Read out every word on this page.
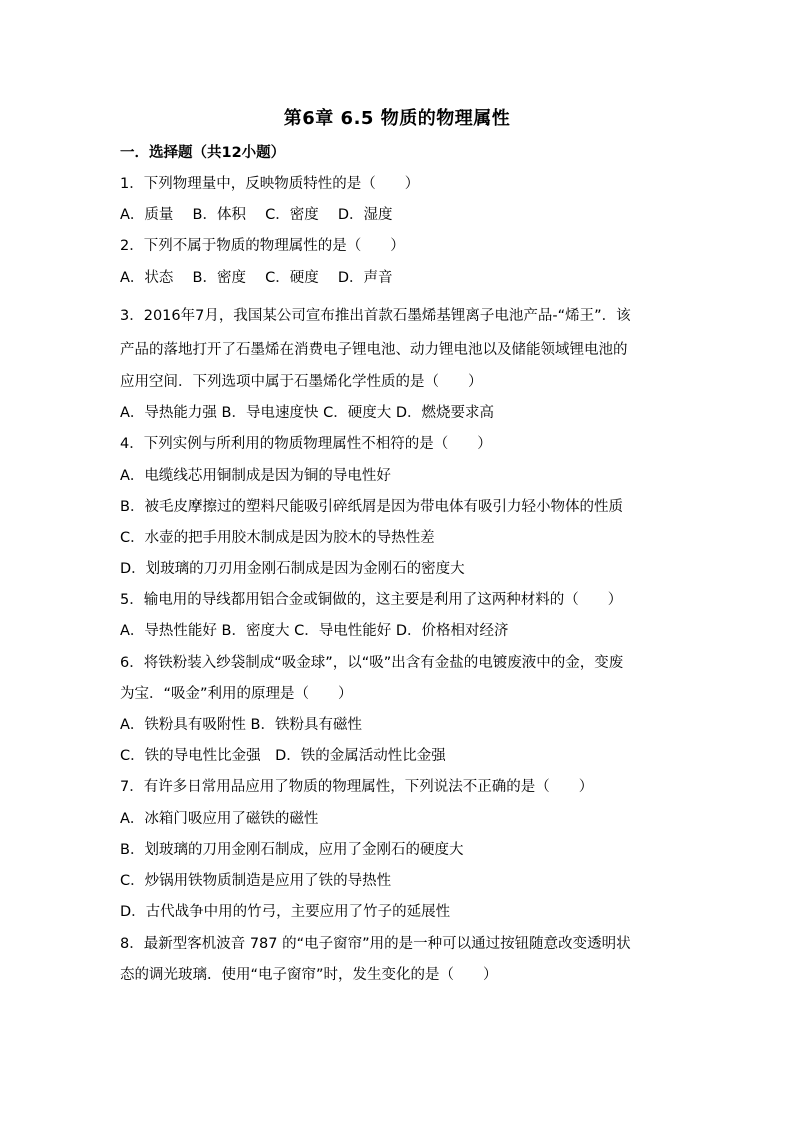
第6章 6.5 物质的物理属性
一．选择题（共12小题）
1．下列物理量中，反映物质特性的是（　　）
A．质量　 B．体积　 C．密度　 D．湿度
2．下列不属于物质的物理属性的是（　　）
A．状态　 B．密度　 C．硬度　 D．声音
3．2016年7月，我国某公司宣布推出首款石墨烯基锂离子电池产品-“烯王”．该
产品的落地打开了石墨烯在消费电子锂电池、动力锂电池以及储能领域锂电池的
应用空间．下列选项中属于石墨烯化学性质的是（　　）
A．导热能力强 B．导电速度快 C．硬度大 D．燃烧要求高
4．下列实例与所利用的物质物理属性不相符的是（　　）
A．电缆线芯用铜制成是因为铜的导电性好
B．被毛皮摩擦过的塑料尺能吸引碎纸屑是因为带电体有吸引力轻小物体的性质
C．水壶的把手用胶木制成是因为胶木的导热性差
D．划玻璃的刀刃用金刚石制成是因为金刚石的密度大
5．输电用的导线都用铝合金或铜做的，这主要是利用了这两种材料的（　　）
A．导热性能好 B．密度大 C．导电性能好 D．价格相对经济
6．将铁粉装入纱袋制成“吸金球”，以“吸”出含有金盐的电镀废液中的金，变废
为宝．“吸金”利用的原理是（　　）
A．铁粉具有吸附性 B．铁粉具有磁性
C．铁的导电性比金强　D．铁的金属活动性比金强
7．有许多日常用品应用了物质的物理属性，下列说法不正确的是（　　）
A．冰箱门吸应用了磁铁的磁性
B．划玻璃的刀用金刚石制成，应用了金刚石的硬度大
C．炒锅用铁物质制造是应用了铁的导热性
D．古代战争中用的竹弓，主要应用了竹子的延展性
8．最新型客机波音 787 的“电子窗帘”用的是一种可以通过按钮随意改变透明状
态的调光玻璃．使用“电子窗帘”时，发生变化的是（　　）
